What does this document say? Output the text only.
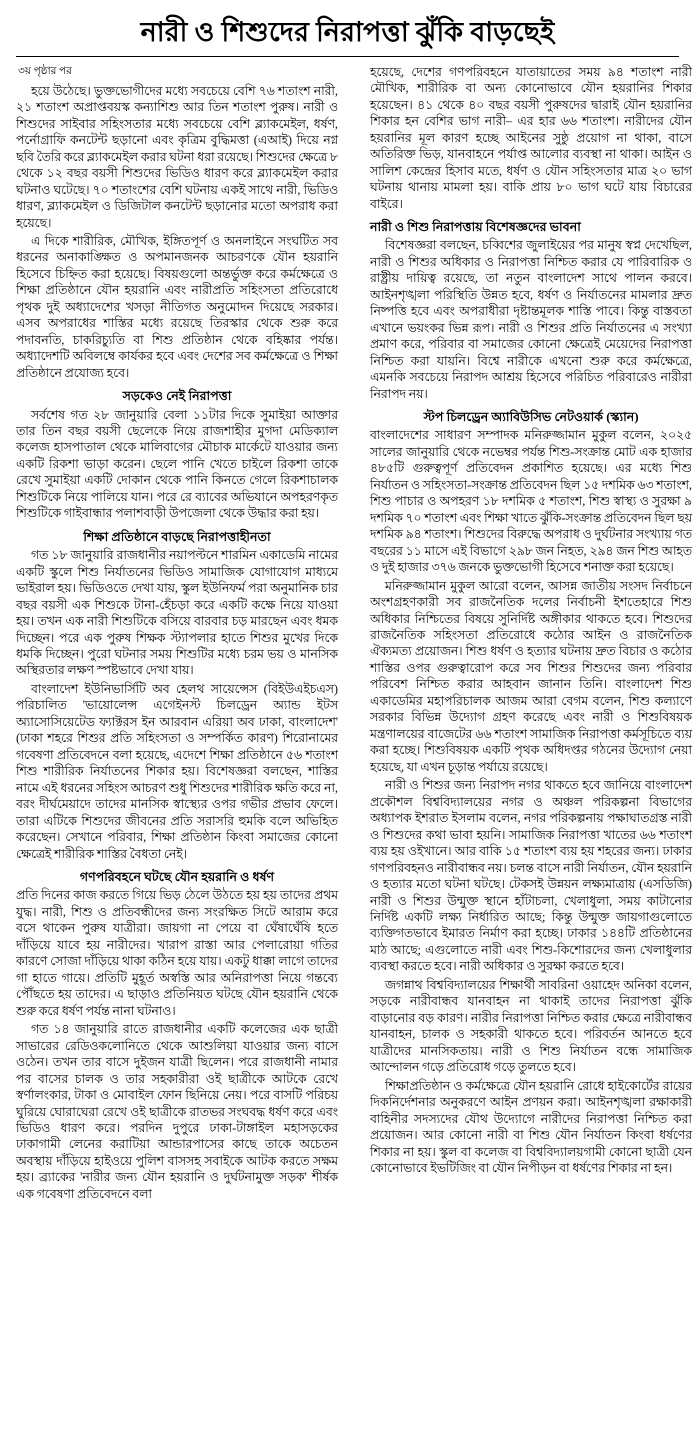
নারী ও শিশুদের নিরাপত্তা ঝুঁকি বাড়ছেই
৩য় পৃষ্ঠার পর

হয়ে উঠেছে। ভুক্তভোগীদের মধ্যে সবচেয়ে বেশি ৭৬ শতাংশ নারী, ২১ শতাংশ অপ্রাপ্তবয়স্ক কন্যাশিশু আর তিন শতাংশ পুরুষ। নারী ও শিশুদের সাইবার সহিংসতার মধ্যে সবচেয়ে বেশি ব্ল্যাকমেইল, ধর্ষণ, পর্নোগ্রাফি কনটেন্ট ছড়ানো এবং কৃত্রিম বুদ্ধিমত্তা (এআই) দিয়ে নগ্ন ছবি তৈরি করে ব্ল্যাকমেইল করার ঘটনা ধরা রয়েছে। শিশুদের ক্ষেত্রে ৮ থেকে ১২ বছর বয়সী শিশুদের ভিডিও ধারণ করে ব্ল্যাকমেইল করার ঘটনাও ঘটেছে। ৭০ শতাংশের বেশি ঘটনায় একই সাথে নারী, ভিডিও ধারণ, ব্ল্যাকমেইল ও ডিজিটাল কনটেন্ট ছড়ানোর মতো অপরাধ করা হয়েছে।

এ দিকে শারীরিক, মৌখিক, ইঙ্গিতপূর্ণ ও অনলাইনে সংঘটিত সব ধরনের অনাকাঙ্ক্ষিত ও অপমানজনক আচরণকে যৌন হয়রানি হিসেবে চিহ্নিত করা হয়েছে। বিষয়গুলো অন্তর্ভুক্ত করে কর্মক্ষেত্রে ও শিক্ষা প্রতিষ্ঠানে যৌন হয়রানি এবং নারীপ্রতি সহিংসতা প্রতিরোধে পৃথক দুই অধ্যাদেশের খসড়া নীতিগত অনুমোদন দিয়েছে সরকার। এসব অপরাধের শাস্তির মধ্যে রয়েছে তিরস্কার থেকে শুরু করে পদাবনতি, চাকরিচ্যুতি বা শিশু প্রতিষ্ঠান থেকে বহিষ্কার পর্যন্ত। অধ্যাদেশটি অবিলম্বে কার্যকর হবে এবং দেশের সব কর্মক্ষেত্রে ও শিক্ষা প্রতিষ্ঠানে প্রযোজ্য হবে।

সড়কেও নেই নিরাপত্তা

সর্বশেষ গত ২৮ জানুয়ারি বেলা ১১টার দিকে সুমাইয়া আক্তার তার তিন বছর বয়সী ছেলেকে নিয়ে রাজশাহীর মুগদা মেডিক্যাল কলেজ হাসপাতাল থেকে মালিবাগের মৌচাক মার্কেটে যাওয়ার জন্য একটি রিকশা ভাড়া করেন। ছেলে পানি খেতে চাইলে রিকশা তাকে রেখে সুমাইয়া একটি দোকান থেকে পানি কিনতে গেলে রিকশাচালক শিশুটিকে নিয়ে পালিয়ে যান। পরে রে ব্যাবের অভিযানে অপহরণকৃত শিশুটিকে গাইবান্ধার পলাশবাড়ী উপজেলা থেকে উদ্ধার করা হয়।

শিক্ষা প্রতিষ্ঠানে বাড়ছে নিরাপত্তাহীনতা

গত ১৮ জানুয়ারি রাজধানীর নয়াপল্টনে শারমিন একাডেমি নামের একটি স্কুলে শিশু নির্যাতনের ভিডিও সামাজিক যোগাযোগ মাধ্যমে ভাইরাল হয়। ভিডিওতে দেখা যায়, স্কুল ইউনিফর্ম পরা অনুমানিক চার বছর বয়সী এক শিশুকে টানা-হেঁচড়া করে একটি কক্ষে নিয়ে যাওয়া হয়। তখন এক নারী শিশুটিকে বসিয়ে বারবার চড় মারছেন এবং ধমক দিচ্ছেন। পরে এক পুরুষ শিক্ষক স্ট্যাপলার হাতে শিশুর মুখের দিকে ধমকি দিচ্ছেন। পুরো ঘটনার সময় শিশুটির মধ্যে চরম ভয় ও মানসিক অস্থিরতার লক্ষণ স্পষ্টভাবে দেখা যায়।

বাংলাদেশ ইউনিভার্সিটি অব হেলথ সায়েন্সেস (বিইউএইচএস) পরিচালিত 'ভায়োলেন্স এগেইনস্ট চিলড্রেন অ্যান্ড ইটস অ্যাসোসিয়েটেড ফ্যাক্টরস ইন আরবান এরিয়া অব ঢাকা, বাংলাদেশ' (ঢাকা শহরে শিশুর প্রতি সহিংসতা ও সম্পর্কিত কারণ) শিরোনামের গবেষণা প্রতিবেদনে বলা হয়েছে, এদেশে শিক্ষা প্রতিষ্ঠানে ৫৬ শতাংশ শিশু শারীরিক নির্যাতনের শিকার হয়। বিশেষজ্ঞরা বলছেন, শাস্তির নামে এই ধরনের সহিংস আচরণ শুধু শিশুদের শারীরিক ক্ষতি করে না, বরং দীর্ঘমেয়াদে তাদের মানসিক স্বাস্থ্যের ওপর গভীর প্রভাব ফেলে। তারা এটিকে শিশুদের জীবনের প্রতি সরাসরি হুমকি বলে অভিহিত করেছেন। সেখানে পরিবার, শিক্ষা প্রতিষ্ঠান কিংবা সমাজের কোনো ক্ষেত্রেই শারীরিক শাস্তির বৈধতা নেই।

গণপরিবহনে ঘটছে যৌন হয়রানি ও ধর্ষণ

প্রতি দিনের কাজ করতে গিয়ে ভিড় ঠেলে উঠতে হয় হয় তাদের প্রথম যুদ্ধ। নারী, শিশু ও প্রতিবন্ধীদের জন্য সংরক্ষিত সিটে আরাম করে বসে থাকেন পুরুষ যাত্রীরা। জায়গা না পেয়ে বা ঘেঁষাঘেঁষি হতে দাঁড়িয়ে যাবে হয় নারীদের। খারাপ রাস্তা আর পেলারোয়া গতির কারণে সোজা দাঁড়িয়ে থাকা কঠিন হয়ে যায়। একটু ধাক্কা লাগে তাদের গা হাতে গায়ে। প্রতিটি মুহূর্ত অস্বস্তি আর অনিরাপত্তা নিয়ে গন্তব্যে পৌঁছতে হয় তাদের। এ ছাড়াও প্রতিনিয়ত ঘটছে যৌন হয়রানি থেকে শুরু করে ধর্ষণ পর্যন্ত নানা ঘটনাও।

গত ১৪ জানুয়ারি রাতে রাজধানীর একটি কলেজের এক ছাত্রী সাভারের রেডিওকলোনিতে থেকে আশুলিয়া যাওয়ার জন্য বাসে ওঠেন। তখন তার বাসে দুইজন যাত্রী ছিলেন। পরে রাজধানী নামার পর বাসের চালক ও তার সহকারীরা ওই ছাত্রীকে আটকে রেখে স্বর্ণালংকার, টাকা ও মোবাইল ফোন ছিনিয়ে নেয়। পরে বাসটি পরিচয় ঘুরিয়ে ঘোরাঘেরা রেখে ওই ছাত্রীকে রাতভর সংঘবদ্ধ ধর্ষণ করে এবং ভিডিও ধারণ করে। পরদিন দুপুরে ঢাকা-টাঙ্গাইল মহাসড়কের ঢাকাগামী লেনের করাটিয়া আন্ডারপাসের কাছে তাকে অচেতন অবস্থায় দাঁড়িয়ে হাইওয়ে পুলিশ বাসসহ সবাইকে আটক করতে সক্ষম হয়। ব্র্যাকের 'নারীর জন্য যৌন হয়রানি ও দুর্ঘটনামুক্ত সড়ক' শীর্ষক এক গবেষণা প্রতিবেদনে বলা

হয়েছে, দেশের গণপরিবহনে যাতায়াতের সময় ৯৪ শতাংশ নারী মৌখিক, শারীরিক বা অন্য কোনোভাবে যৌন হয়রানির শিকার হয়েছেন। ৪১ থেকে ৪০ বছর বয়সী পুরুষদের দ্বারাই যৌন হয়রানির শিকার হন বেশির ভাগ নারী– এর হার ৬৬ শতাংশ। নারীদের যৌন হয়রানির মূল কারণ হচ্ছে আইনের সুষ্ঠু প্রয়োগ না থাকা, বাসে অতিরিক্ত ভিড়, যানবাহনে পর্যাপ্ত আলোর ব্যবস্থা না থাকা। আইন ও সালিশ কেন্দ্রের হিসাব মতে, ধর্ষণ ও যৌন সহিংসতার মাত্র ২০ ভাগ ঘটনায় থানায় মামলা হয়। বাকি প্রায় ৮০ ভাগ ঘটে যায় বিচারের বাইরে।

নারী ও শিশু নিরাপত্তায় বিশেষজ্ঞদের ভাবনা

বিশেষজ্ঞরা বলছেন, চব্বিশের জুলাইয়ের পর মানুষ স্বপ্ন দেখেছিল, নারী ও শিশুর অধিকার ও নিরাপত্তা নিশ্চিত করার যে পারিবারিক ও রাষ্ট্রীয় দায়িত্ব রয়েছে, তা নতুন বাংলাদেশ সাথে পালন করবে। আইনশৃঙ্খলা পরিস্থিতি উন্নত হবে, ধর্ষণ ও নির্যাতনের মামলার দ্রুত নিষ্পত্তি হবে এবং অপরাধীরা দৃষ্টান্তমূলক শাস্তি পাবে। কিন্তু বাস্তবতা এখানে ভয়ংকর ভিন্ন রূপ। নারী ও শিশুর প্রতি নির্যাতনের এ সংখ্যা প্রমাণ করে, পরিবার বা সমাজের কোনো ক্ষেত্রেই মেয়েদের নিরাপত্তা নিশ্চিত করা যায়নি। বিশ্বে নারীকে এখনো শুরু করে কর্মক্ষেত্রে, এমনকি সবচেয়ে নিরাপদ আশ্রয় হিসেবে পরিচিত পরিবারেও নারীরা নিরাপদ নয়।

স্টপ চিলড্রেন অ্যাবিউসিভ নেটওয়ার্ক (স্ক্যান)

বাংলাদেশের সাধারণ সম্পাদক মনিরুজ্জামান মুকুল বলেন, ২০২৫ সালের জানুয়ারি থেকে নভেম্বর পর্যন্ত শিশু-সংক্রান্ত মোট এক হাজার ৪৮৫টি গুরুত্বপূর্ণ প্রতিবেদন প্রকাশিত হয়েছে। এর মধ্যে শিশু নির্যাতন ও সহিংসতা-সংক্রান্ত প্রতিবেদন ছিল ১৫ দশমিক ৬৩ শতাংশ, শিশু পাচার ও অপহরণ ১৮ দশমিক ৫ শতাংশ, শিশু স্বাস্থ্য ও সুরক্ষা ৯ দশমিক ৭০ শতাংশ এবং শিক্ষা খাতে ঝুঁকি-সংক্রান্ত প্রতিবেদন ছিল ছয় দশমিক ৯৪ শতাংশ। শিশুদের বিরুদ্ধে অপরাধ ও দুর্ঘটনার সংখ্যায় গত বছরের ১১ মাসে এই বিভাগে ২৯৮ জন নিহত, ২৯৪ জন শিশু আহত ও দুই হাজার ৩৭৬ জনকে ভুক্তভোগী হিসেবে শনাক্ত করা হয়েছে।

মনিরুজ্জামান মুকুল আরো বলেন, আসন্ন জাতীয় সংসদ নির্বাচনে অংশগ্রহণকারী সব রাজনৈতিক দলের নির্বাচনী ইশতেহারে শিশু অধিকার নিশ্চিতের বিষয়ে সুনির্দিষ্ট অঙ্গীকার থাকতে হবে। শিশুদের রাজনৈতিক সহিংসতা প্রতিরোধে কঠোর আইন ও রাজনৈতিক ঐক্যমত্য প্রয়োজন। শিশু ধর্ষণ ও হত্যার ঘটনায় দ্রুত বিচার ও কঠোর শাস্তির ওপর গুরুত্বারোপ করে সব শিশুর শিশুদের জন্য পরিবার পরিবেশ নিশ্চিত করার আহবান জানান তিনি। বাংলাদেশ শিশু একাডেমির মহাপরিচালক আজম আরা বেগম বলেন, শিশু কল্যাণে সরকার বিভিন্ন উদ্যোগ গ্রহণ করেছে এবং নারী ও শিশুবিষয়ক মন্ত্রণালয়ের বাজেটের ৬৬ শতাংশ সামাজিক নিরাপত্তা কর্মসূচিতে ব্যয় করা হচ্ছে। শিশুবিষয়ক একটি পৃথক অধিদপ্তর গঠনের উদ্যোগ নেয়া হয়েছে, যা এখন চূড়ান্ত পর্যায়ে রয়েছে।

নারী ও শিশুর জন্য নিরাপদ নগর থাকতে হবে জানিয়ে বাংলাদেশ প্রকৌশল বিশ্ববিদ্যালয়ের নগর ও অঞ্চল পরিকল্পনা বিভাগের অধ্যাপক ইশরাত ইসলাম বলেন, নগর পরিকল্পনায় পক্ষাঘাতগ্রস্ত নারী ও শিশুদের কথা ভাবা হয়নি। সামাজিক নিরাপত্তা খাতের ৬৬ শতাংশ ব্যয় হয় ওইখানে। আর বাকি ১৫ শতাংশ ব্যয় হয় শহরের জন্য। ঢাকার গণপরিবহনও নারীবান্ধব নয়। চলন্ত বাসে নারী নির্যাতন, যৌন হয়রানি ও হত্যার মতো ঘটনা ঘটছে। টেকসই উন্নয়ন লক্ষ্যমাত্রায় (এসডিজি) নারী ও শিশুর উন্মুক্ত স্থানে হাঁটাচলা, খেলাধুলা, সময় কাটানোর নির্দিষ্ট একটি লক্ষ্য নির্ধারিত আছে; কিন্তু উন্মুক্ত জায়গাগুলোতে ব্যক্তিগতভাবে ইমারত নির্মাণ করা হচ্ছে। ঢাকার ১৪৪টি প্রতিষ্ঠানের মাঠ আছে; এগুলোতে নারী এবং শিশু-কিশোরদের জন্য খেলাধুলার ব্যবস্থা করতে হবে। নারী অধিকার ও সুরক্ষা করতে হবে।

জগন্নাথ বিশ্ববিদ্যালয়ের শিক্ষার্থী সাবরিনা ওয়াহেদ অনিকা বলেন, সড়কে নারীবান্ধব যানবাহন না থাকাই তাদের নিরাপত্তা ঝুঁকি বাড়ানোর বড় কারণ। নারীর নিরাপত্তা নিশ্চিত করার ক্ষেত্রে নারীবান্ধব যানবাহন, চালক ও সহকারী থাকতে হবে। পরিবর্তন আনতে হবে যাত্রীদের মানসিকতায়। নারী ও শিশু নির্যাতন বন্ধে সামাজিক আন্দোলন গড়ে প্রতিরোধ গড়ে তুলতে হবে।

শিক্ষাপ্রতিষ্ঠান ও কর্মক্ষেত্রে যৌন হয়রানি রোধে হাইকোর্টের রায়ের দিকনির্দেশনার অনুকরণে আইন প্রণয়ন করা। আইনশৃঙ্খলা রক্ষাকারী বাহিনীর সদস্যদের যৌথ উদ্যোগে নারীদের নিরাপত্তা নিশ্চিত করা প্রয়োজন। আর কোনো নারী বা শিশু যৌন নির্যাতন কিংবা ধর্ষণের শিকার না হয়। স্কুল বা কলেজ বা বিশ্ববিদ্যালয়গামী কোনো ছাত্রী যেন কোনোভাবে ইভটিজিং বা যৌন নিপীড়ন বা ধর্ষণের শিকার না হন।
